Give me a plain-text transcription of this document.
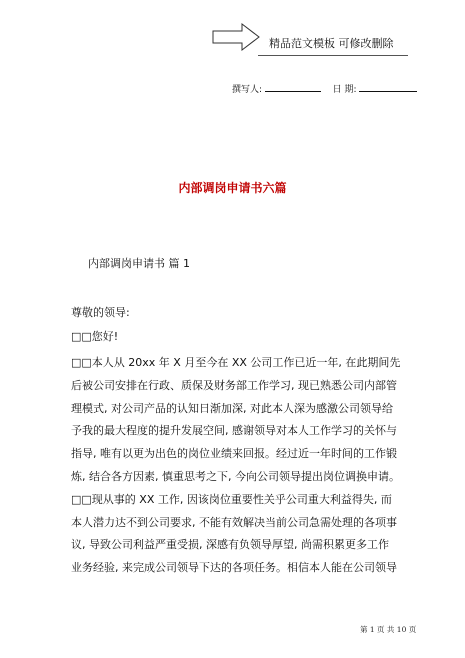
精品范文模板 可修改删除
撰写人:	日 期:
内部调岗申请书六篇
内部调岗申请书 篇 1
尊敬的领导:
□□您好!
□□本人从 20xx 年 X 月至今在 XX 公司工作已近一年, 在此期间先
后被公司安排在行政、质保及财务部工作学习, 现已熟悉公司内部管
理模式, 对公司产品的认知日渐加深, 对此本人深为感激公司领导给
予我的最大程度的提升发展空间, 感谢领导对本人工作学习的关怀与
指导, 唯有以更为出色的岗位业绩来回报。经过近一年时间的工作锻
炼, 结合各方因素, 慎重思考之下, 今向公司领导提出岗位调换申请。
□□现从事的 XX 工作, 因该岗位重要性关乎公司重大利益得失, 而
本人潜力达不到公司要求, 不能有效解决当前公司急需处理的各项事
议, 导致公司利益严重受损, 深感有负领导厚望, 尚需积累更多工作
业务经验, 来完成公司领导下达的各项任务。相信本人能在公司领导
第 1 页 共 10 页
